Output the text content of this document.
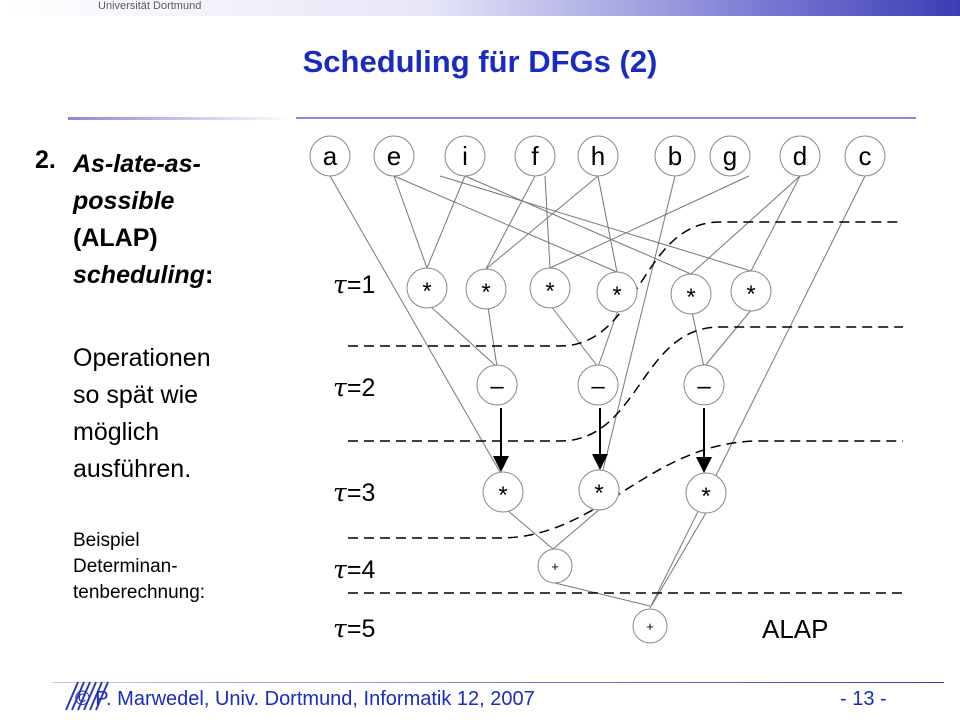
Universität Dortmund
Scheduling für DFGs (2)
2. As-late-as-
possible
(ALAP)
scheduling:
Operationen
so spät wie
möglich
ausführen.
Beispiel
Determinan-
tenberechnung:
a e i f h b g d c
* * * *	* *
–	–	–
*	*	*
+
+
τ=1
τ=2
τ=3
τ=4
τ=5	ALAP
© P. Marwedel, Univ. Dortmund, Informatik 12, 2007	- 13 -
